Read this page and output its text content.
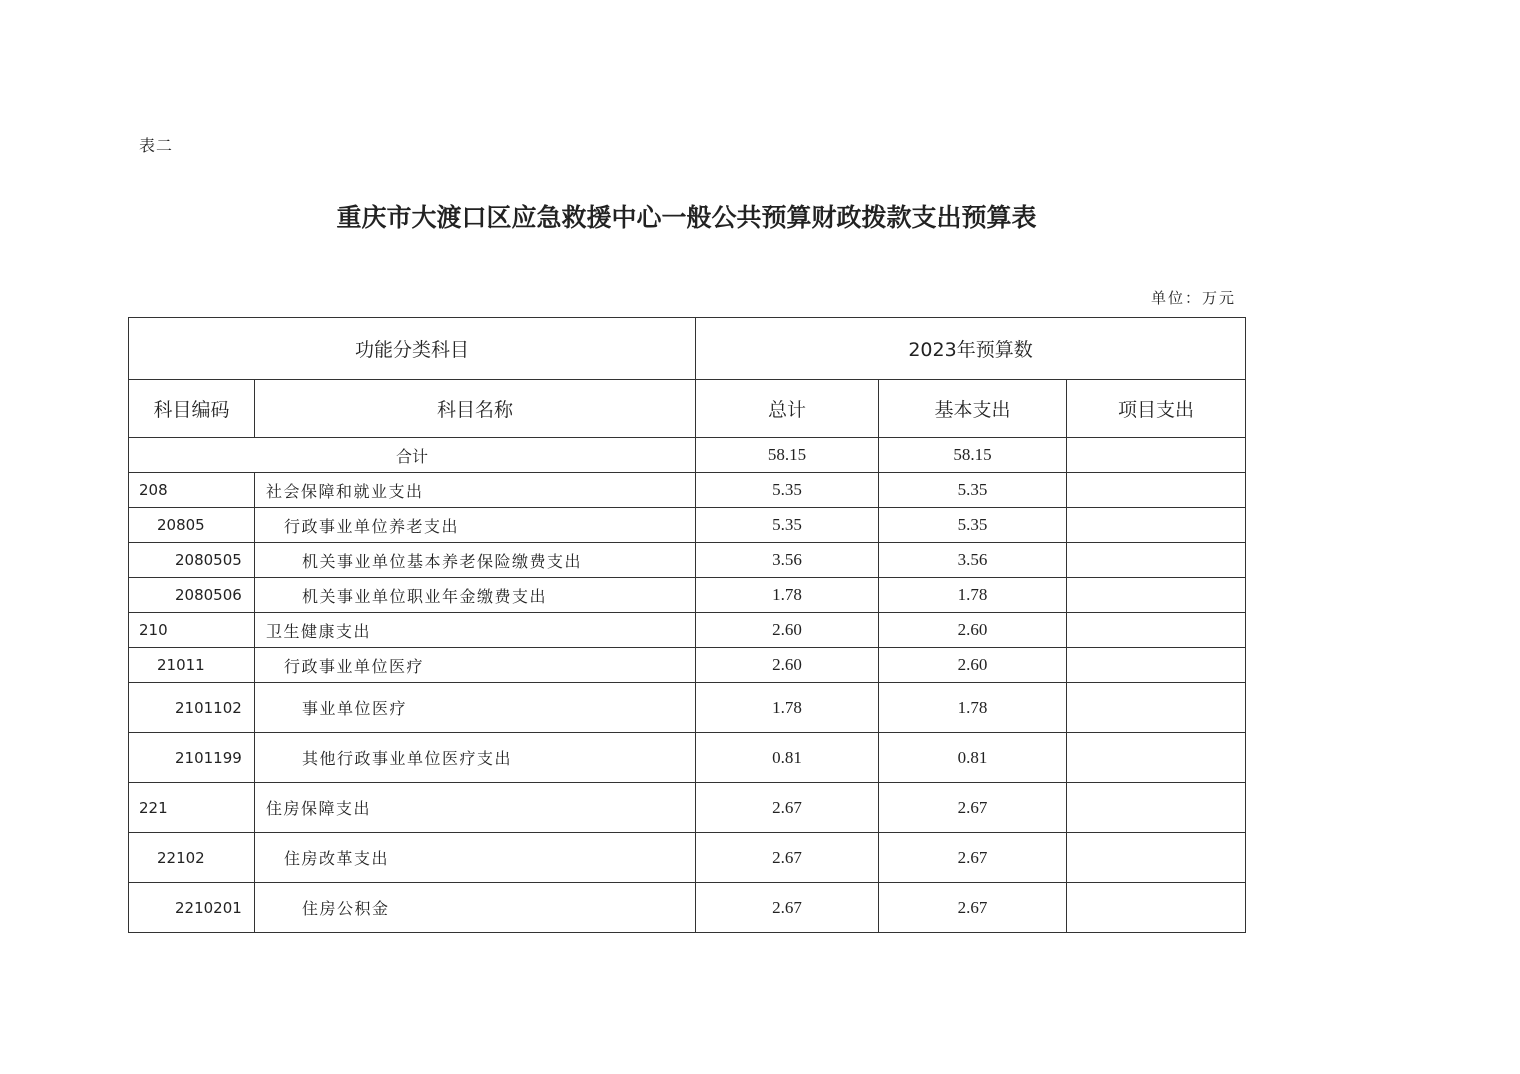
表二
重庆市大渡口区应急救援中心一般公共预算财政拨款支出预算表
单位：万元
功能分类科目		2023年预算数		
科目编码	科目名称	总计	基本支出	项目支出
合计		58.15	58.15	
208	社会保障和就业支出	5.35	5.35	
20805	行政事业单位养老支出	5.35	5.35	
2080505	机关事业单位基本养老保险缴费支出	3.56	3.56	
2080506	机关事业单位职业年金缴费支出	1.78	1.78	
210	卫生健康支出	2.60	2.60	
21011	行政事业单位医疗	2.60	2.60	
2101102	事业单位医疗	1.78	1.78	
2101199	其他行政事业单位医疗支出	0.81	0.81	
221	住房保障支出	2.67	2.67	
22102	住房改革支出	2.67	2.67	
2210201	住房公积金	2.67	2.67	
